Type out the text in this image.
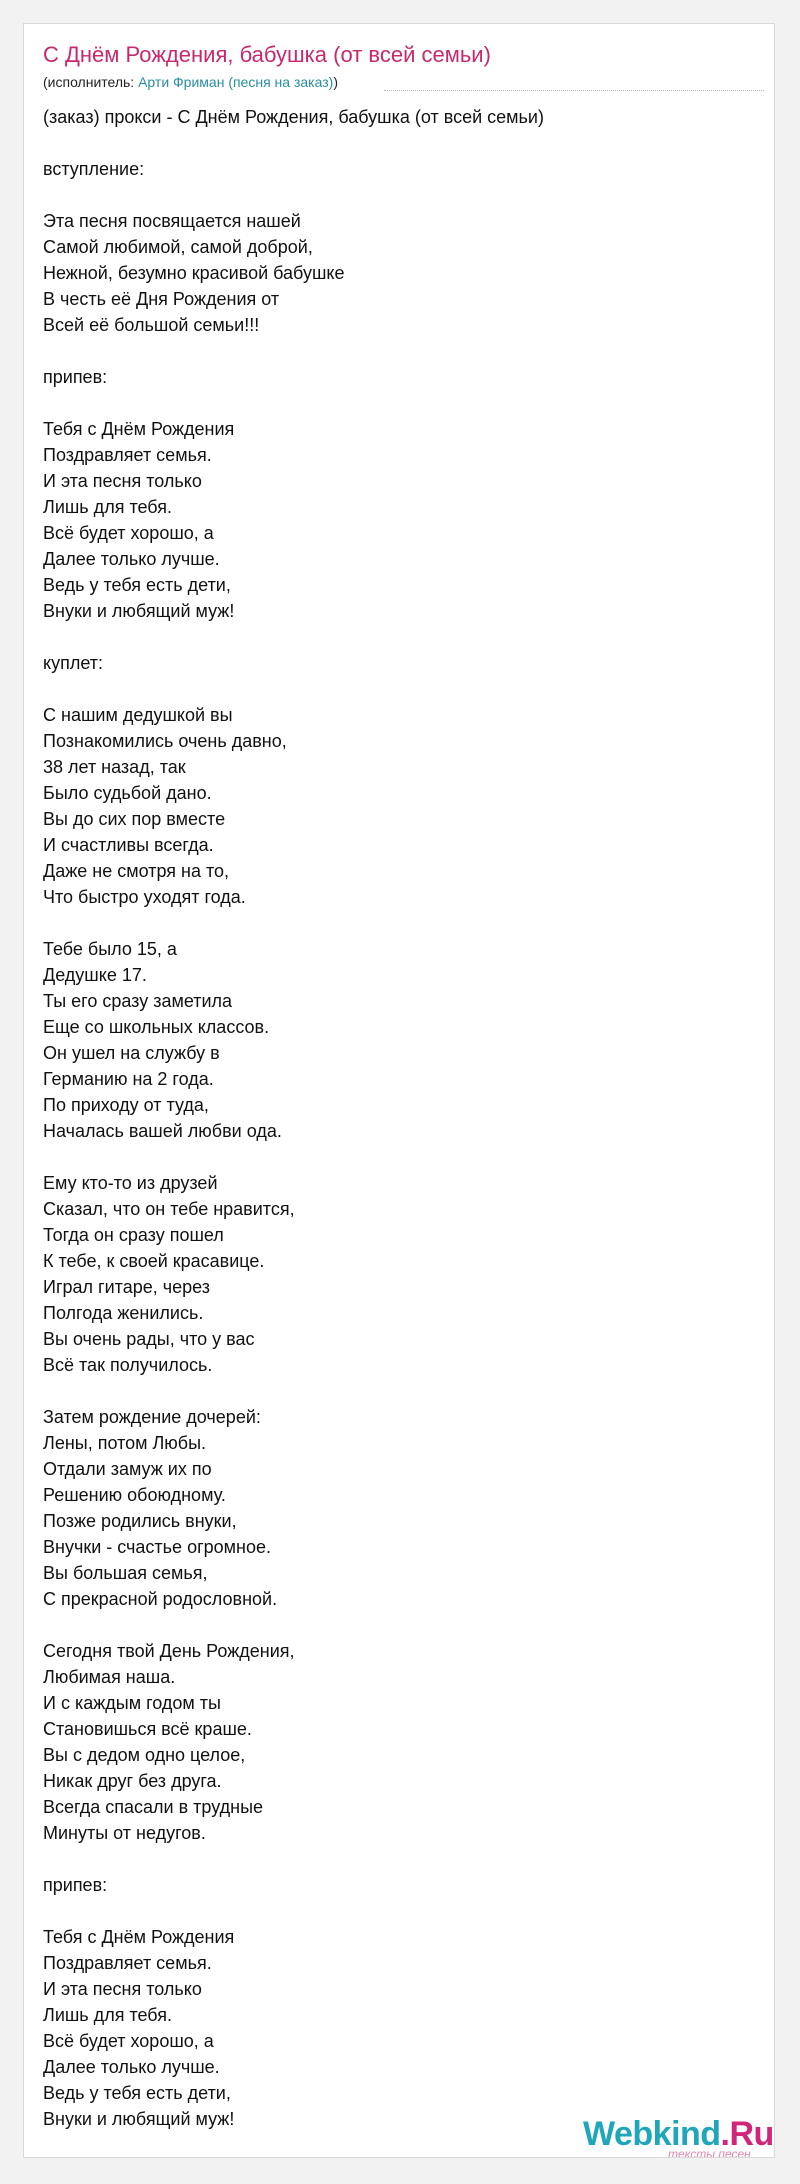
С Днём Рождения, бабушка (от всей семьи)
(исполнитель: Арти Фриман (песня на заказ))
(заказ) прокси - С Днём Рождения, бабушка (от всей семьи)
вступление:
Эта песня посвящается нашей
Самой любимой, самой доброй,
Нежной, безумно красивой бабушке
В честь её Дня Рождения от
Всей её большой семьи!!!
припев:
Тебя с Днём Рождения
Поздравляет семья.
И эта песня только
Лишь для тебя.
Всё будет хорошо, а
Далее только лучше.
Ведь у тебя есть дети,
Внуки и любящий муж!
куплет:
С нашим дедушкой вы
Познакомились очень давно,
38 лет назад, так
Было судьбой дано.
Вы до сих пор вместе
И счастливы всегда.
Даже не смотря на то,
Что быстро уходят года.
Тебе было 15, а
Дедушке 17.
Ты его сразу заметила
Еще со школьных классов.
Он ушел на службу в
Германию на 2 года.
По приходу от туда,
Началась вашей любви ода.
Ему кто-то из друзей
Сказал, что он тебе нравится,
Тогда он сразу пошел
К тебе, к своей красавице.
Играл гитаре, через
Полгода женились.
Вы очень рады, что у вас
Всё так получилось.
Затем рождение дочерей:
Лены, потом Любы.
Отдали замуж их по
Решению обоюдному.
Позже родились внуки,
Внучки - счастье огромное.
Вы большая семья,
С прекрасной родословной.
Сегодня твой День Рождения,
Любимая наша.
И с каждым годом ты
Становишься всё краше.
Вы с дедом одно целое,
Никак друг без друга.
Всегда спасали в трудные
Минуты от недугов.
припев:
Тебя с Днём Рождения
Поздравляет семья.
И эта песня только
Лишь для тебя.
Всё будет хорошо, а
Далее только лучше.
Ведь у тебя есть дети,
Внуки и любящий муж!	Webkind.Ru
тексты песен
